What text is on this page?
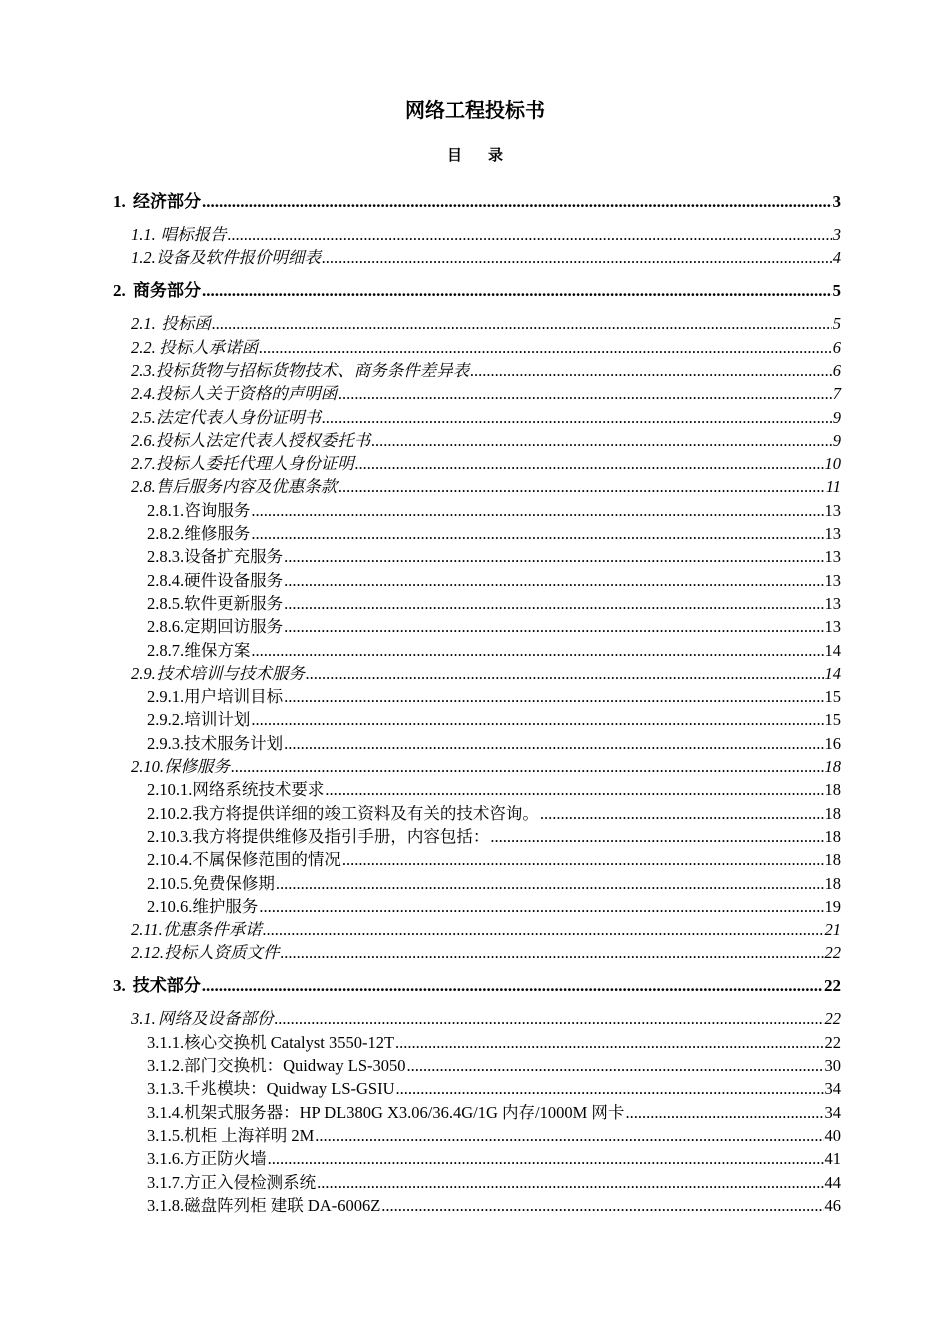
网络工程投标书
目 录
1. 经济部分 .....	3
1.1. 唱标报告 .....	3
1.2. 设备及软件报价明细表 .....	4
2. 商务部分 .....	5
2.1. 投标函 .....	5
2.2. 投标人承诺函 .....	6
2.3. 投标货物与招标货物技术、商务条件差异表 .....	6
2.4. 投标人关于资格的声明函 .....	7
2.5. 法定代表人身份证明书 .....	9
2.6. 投标人法定代表人授权委托书 .....	9
2.7. 投标人委托代理人身份证明 .....	10
2.8. 售后服务内容及优惠条款 .....	11
2.8.1. 咨询服务 .....	13
2.8.2. 维修服务 .....	13
2.8.3. 设备扩充服务 .....	13
2.8.4. 硬件设备服务 .....	13
2.8.5. 软件更新服务 .....	13
2.8.6. 定期回访服务 .....	13
2.8.7. 维保方案 .....	14
2.9. 技术培训与技术服务 .....	14
2.9.1. 用户培训目标 .....	15
2.9.2. 培训计划 .....	15
2.9.3. 技术服务计划 .....	16
2.10. 保修服务 .....	18
2.10.1. 网络系统技术要求 .....	18
2.10.2. 我方将提供详细的竣工资料及有关的技术咨询。 .....	18
2.10.3. 我方将提供维修及指引手册，内容包括： .....	18
2.10.4. 不属保修范围的情况 .....	18
2.10.5. 免费保修期 .....	18
2.10.6. 维护服务 .....	19
2.11. 优惠条件承诺 .....	21
2.12. 投标人资质文件 .....	22
3. 技术部分 .....	22
3.1. 网络及设备部份 .....	22
3.1.1. 核心交换机 Catalyst 3550-12T .....	22
3.1.2. 部门交换机：Quidway LS-3050 .....	30
3.1.3. 千兆模块：Quidway LS-GSIU .....	34
3.1.4. 机架式服务器：HP DL380G X3.06/36.4G/1G 内存/1000M 网卡 .....	34
3.1.5. 机柜 上海祥明 2M .....	40
3.1.6. 方正防火墙 .....	41
3.1.7. 方正入侵检测系统 .....	44
3.1.8. 磁盘阵列柜 建联 DA-6006Z .....	46
